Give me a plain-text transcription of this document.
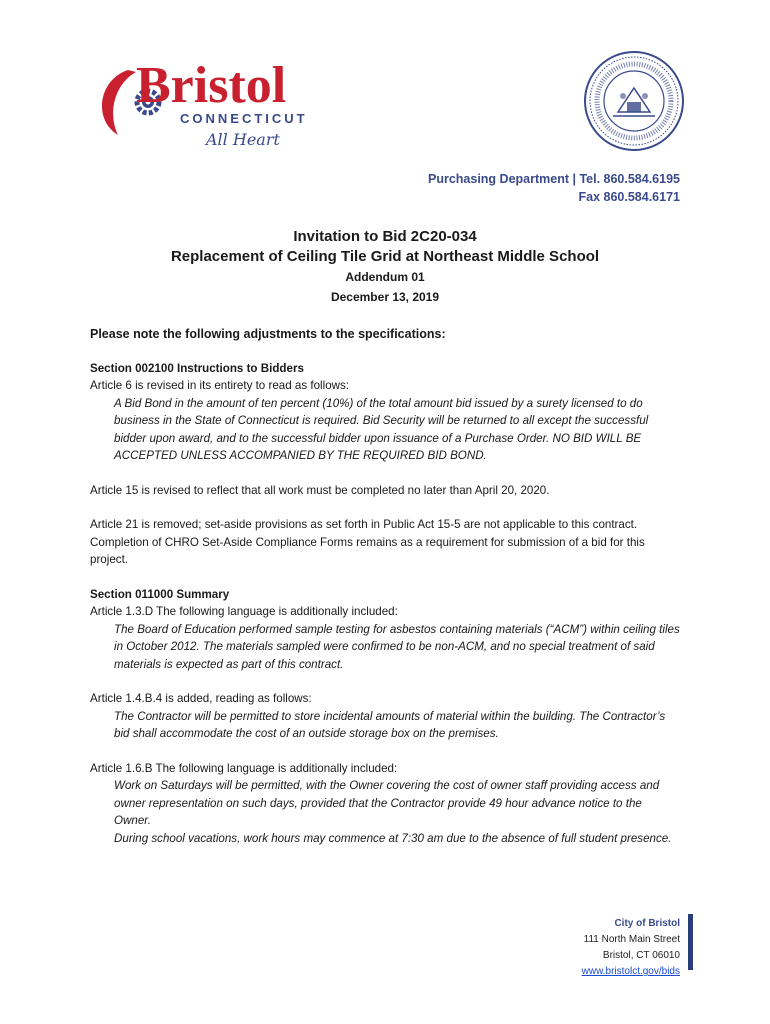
Bristol
CONNECTICUT
All Heart
Purchasing Department | Tel. 860.584.6195
Fax 860.584.6171
Invitation to Bid 2C20-034
Replacement of Ceiling Tile Grid at Northeast Middle School
Addendum 01
December 13, 2019

Please note the following adjustments to the specifications:

Section 002100 Instructions to Bidders

Article 6 is revised in its entirety to read as follows:

A Bid Bond in the amount of ten percent (10%) of the total amount bid issued by a surety licensed to do business in the State of Connecticut is required. Bid Security will be returned to all except the successful bidder upon award, and to the successful bidder upon issuance of a Purchase Order. NO BID WILL BE ACCEPTED UNLESS ACCOMPANIED BY THE REQUIRED BID BOND.

Article 15 is revised to reflect that all work must be completed no later than April 20, 2020.

Article 21 is removed; set-aside provisions as set forth in Public Act 15-5 are not applicable to this contract. Completion of CHRO Set-Aside Compliance Forms remains as a requirement for submission of a bid for this project.

Section 011000 Summary

Article 1.3.D The following language is additionally included:

The Board of Education performed sample testing for asbestos containing materials (“ACM”) within ceiling tiles in October 2012. The materials sampled were confirmed to be non-ACM, and no special treatment of said materials is expected as part of this contract.

Article 1.4.B.4 is added, reading as follows:

The Contractor will be permitted to store incidental amounts of material within the building. The Contractor’s bid shall accommodate the cost of an outside storage box on the premises.

Article 1.6.B The following language is additionally included:

Work on Saturdays will be permitted, with the Owner covering the cost of owner staff providing access and owner representation on such days, provided that the Contractor provide 49 hour advance notice to the Owner.

During school vacations, work hours may commence at 7:30 am due to the absence of full student presence.

City of Bristol
111 North Main Street
Bristol, CT 06010
www.bristolct.gov/bids
